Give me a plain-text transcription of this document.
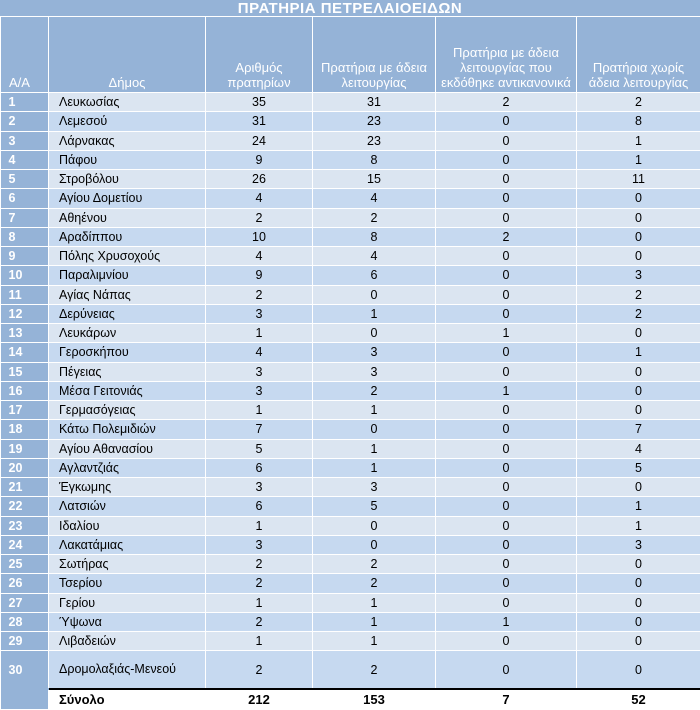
ΠΡΑΤΗΡΙΑ ΠΕΤΡΕΛΑΙΟΕΙΔΩΝ
Α/Α	Δήμος	Αριθμός πρατηρίων	Πρατήρια με άδεια λειτουργίας	Πρατήρια με άδεια λειτουργίας που εκδόθηκε αντικανονικά	Πρατήρια χωρίς άδεια λειτουργίας
1	Λευκωσίας	35	31	2	2
2	Λεμεσού	31	23	0	8
3	Λάρνακας	24	23	0	1
4	Πάφου	9	8	0	1
5	Στροβόλου	26	15	0	11
6	Αγίου Δομετίου	4	4	0	0
7	Αθηένου	2	2	0	0
8	Αραδίππου	10	8	2	0
9	Πόλης Χρυσοχούς	4	4	0	0
10	Παραλιμνίου	9	6	0	3
11	Αγίας Νάπας	2	0	0	2
12	Δερύνειας	3	1	0	2
13	Λευκάρων	1	0	1	0
14	Γεροσκήπου	4	3	0	1
15	Πέγειας	3	3	0	0
16	Μέσα Γειτονιάς	3	2	1	0
17	Γερμασόγειας	1	1	0	0
18	Κάτω Πολεμιδιών	7	0	0	7
19	Αγίου Αθανασίου	5	1	0	4
20	Αγλαντζιάς	6	1	0	5
21	Έγκωμης	3	3	0	0
22	Λατσιών	6	5	0	1
23	Ιδαλίου	1	0	0	1
24	Λακατάμιας	3	0	0	3
25	Σωτήρας	2	2	0	0
26	Τσερίου	2	2	0	0
27	Γερίου	1	1	0	0
28	Ύψωνα	2	1	1	0
29	Λιβαδειών	1	1	0	0
30	Δρομολαξιάς-Μενεού	2	2	0	0
	Σύνολο	212	153	7	52
